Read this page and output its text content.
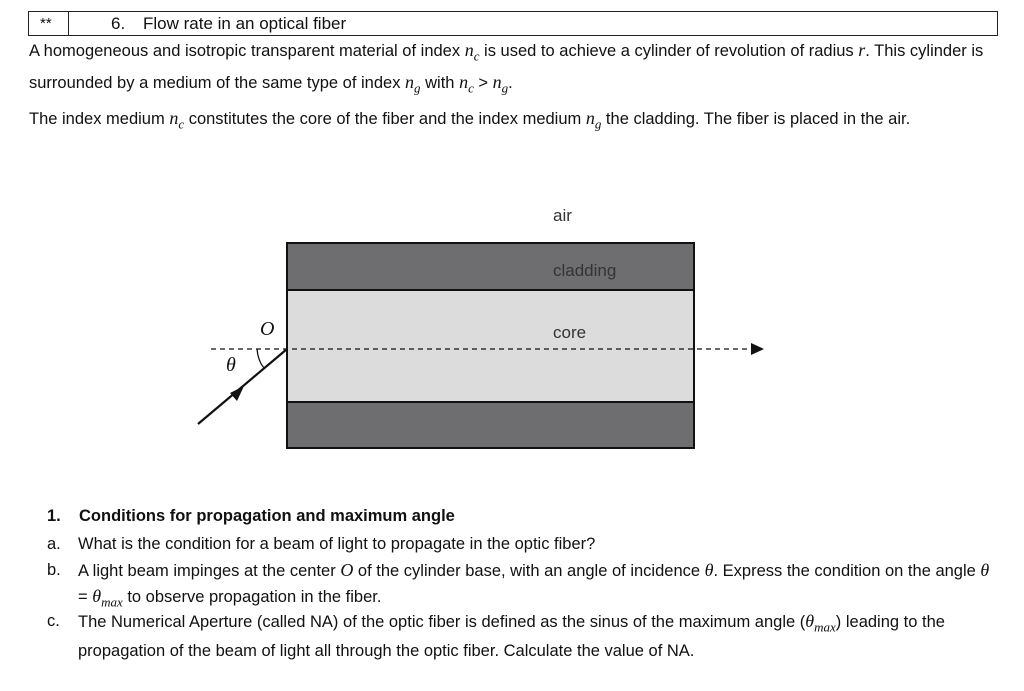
**	6. Flow rate in an optical fiber
A homogeneous and isotropic transparent material of index $n_c$ is used to achieve a cylinder of revolution of radius r. This cylinder is surrounded by a medium of the same type of index $n_g$ with $n_c > n_g$.
The index medium $n_c$ constitutes the core of the fiber and the index medium $n_g$ the cladding. The fiber is placed in the air.
air
cladding
core
O
θ
1. Conditions for propagation and maximum angle
a. What is the condition for a beam of light to propagate in the optic fiber?
b. A light beam impinges at the center O of the cylinder base, with an angle of incidence θ. Express the condition on the angle $\theta = \theta_{max}$ to observe propagation in the fiber.
c. The Numerical Aperture (called NA) of the optic fiber is defined as the sinus of the maximum angle $(\theta_{max})$ leading to the propagation of the beam of light all through the optic fiber. Calculate the value of NA.
